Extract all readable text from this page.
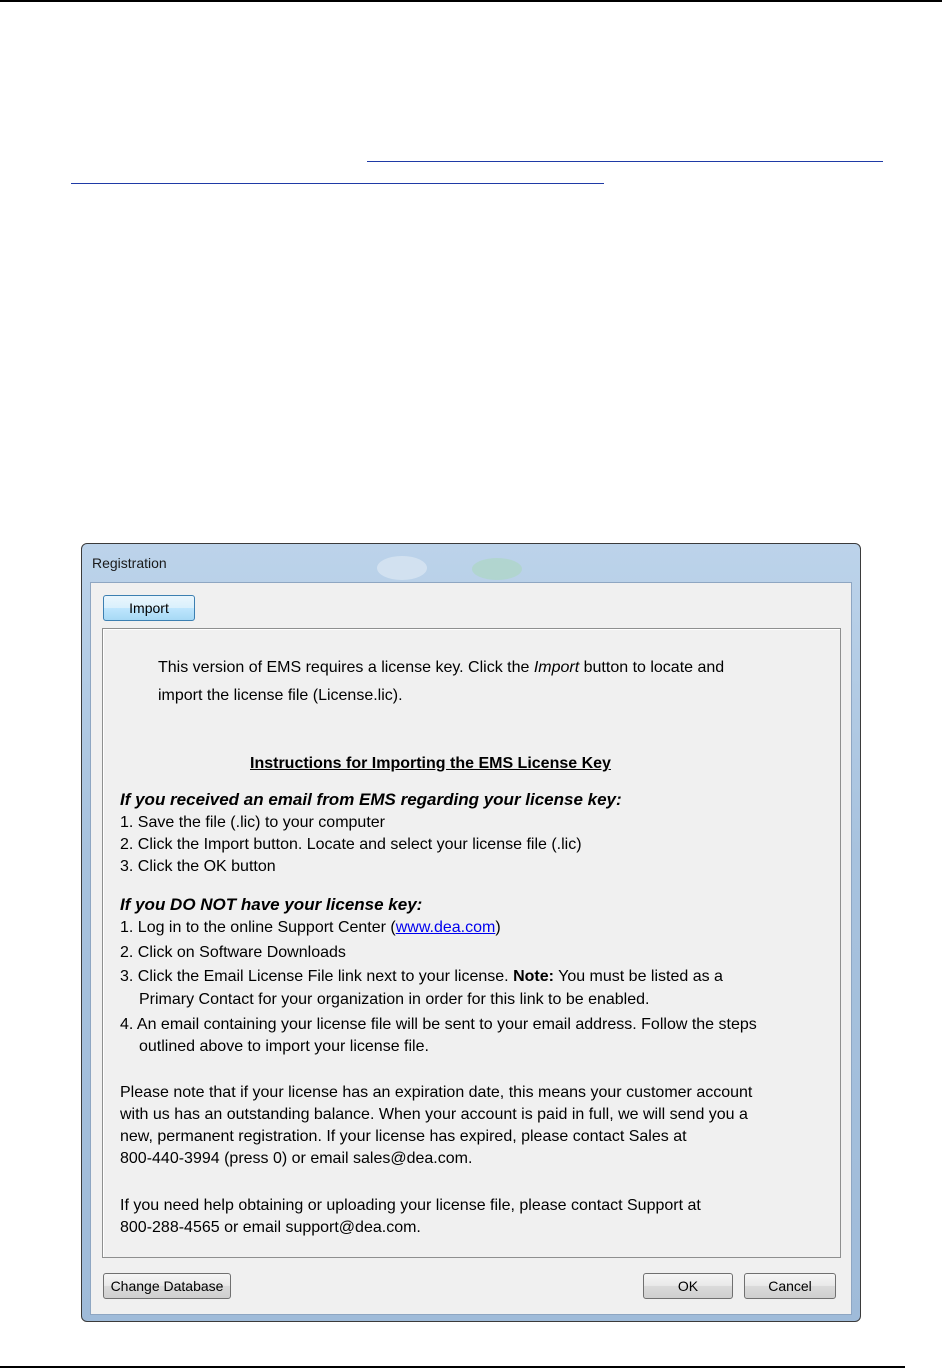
Registration
Import
This version of EMS requires a license key. Click the Import button to locate and
import the license file (License.lic).
Instructions for Importing the EMS License Key
If you received an email from EMS regarding your license key:
1. Save the file (.lic) to your computer
2. Click the Import button. Locate and select your license file (.lic)
3. Click the OK button
If you DO NOT have your license key:
1. Log in to the online Support Center (www.dea.com)
2. Click on Software Downloads
3. Click the Email License File link next to your license. Note: You must be listed as a
Primary Contact for your organization in order for this link to be enabled.
4. An email containing your license file will be sent to your email address. Follow the steps
outlined above to import your license file.
Please note that if your license has an expiration date, this means your customer account
with us has an outstanding balance. When your account is paid in full, we will send you a
new, permanent registration. If your license has expired, please contact Sales at
800-440-3994 (press 0) or email sales@dea.com.
If you need help obtaining or uploading your license file, please contact Support at
800-288-4565 or email support@dea.com.
Change Database	OK	Cancel
